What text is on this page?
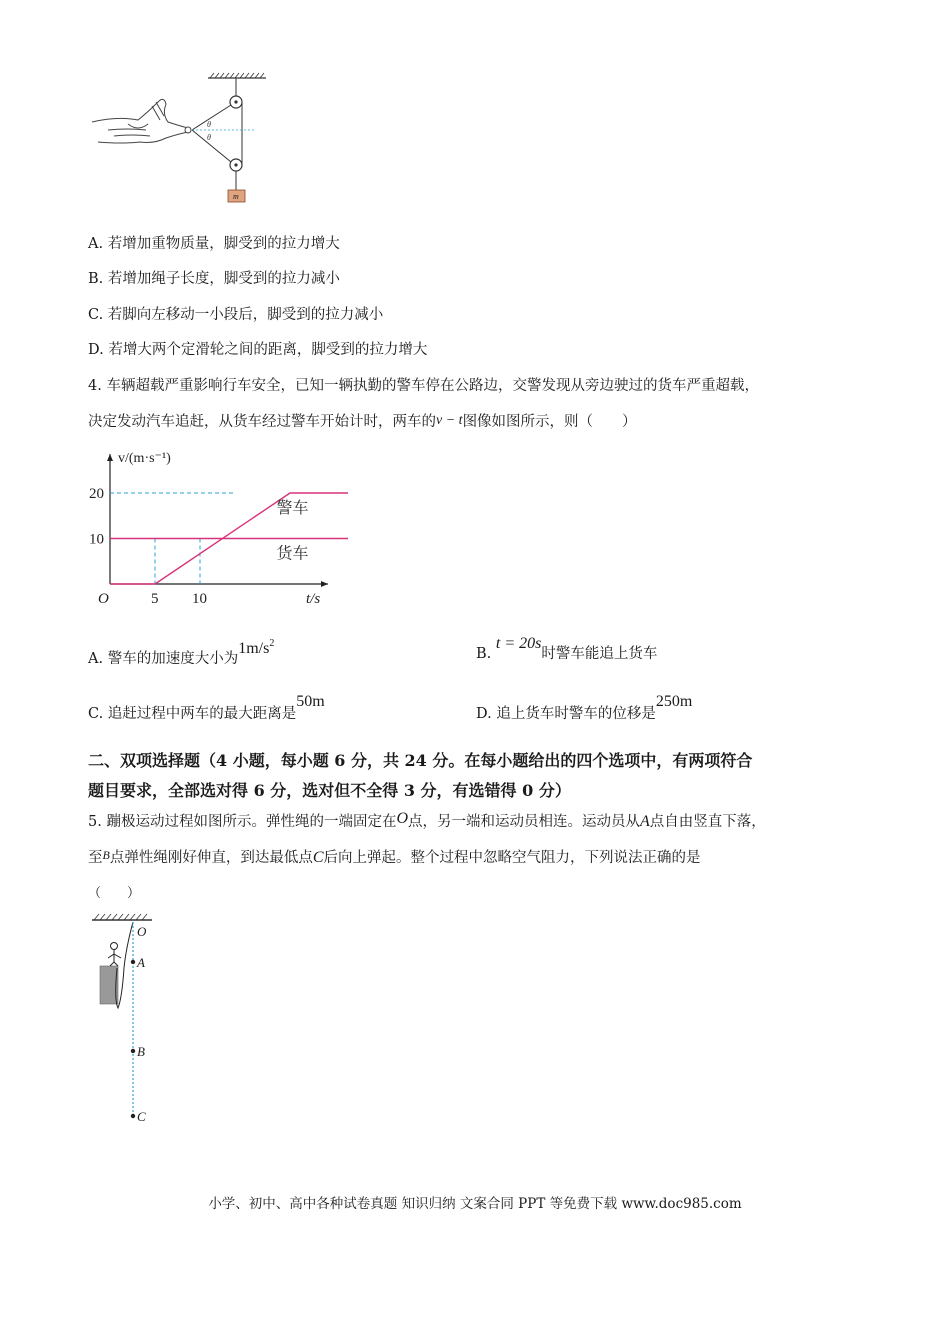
θ
θ
m
A. 若增加重物质量，脚受到的拉力增大
B. 若增加绳子长度，脚受到的拉力减小
C. 若脚向左移动一小段后，脚受到的拉力减小
D. 若增大两个定滑轮之间的距离，脚受到的拉力增大
4. 车辆超载严重影响行车安全，已知一辆执勤的警车停在公路边，交警发现从旁边驶过的货车严重超载，
决定发动汽车追赶，从货车经过警车开始计时，两车的v − t图像如图所示，则（　　）
警车
货车
20
10
5 10
O	t/s
v/(m·s⁻¹)
A. 警车的加速度大小为$1m/s^2$
B. t = 20s时警车能追上货车
C. 追赶过程中两车的最大距离是50m
D. 追上货车时警车的位移是250m
二、双项选择题（4 小题，每小题 6 分，共 24 分。在每小题给出的四个选项中，有两项符合
题目要求，全部选对得 6 分，选对但不全得 3 分，有选错得 0 分）
5. 蹦极运动过程如图所示。弹性绳的一端固定在O点，另一端和运动员相连。运动员从A点自由竖直下落，
至$^B$点弹性绳刚好伸直，到达最低点C后向上弹起。整个过程中忽略空气阻力，下列说法正确的是
（　　）
O
A
B
C
小学、初中、高中各种试卷真题 知识归纳 文案合同 PPT 等免费下载 www.doc985.com
